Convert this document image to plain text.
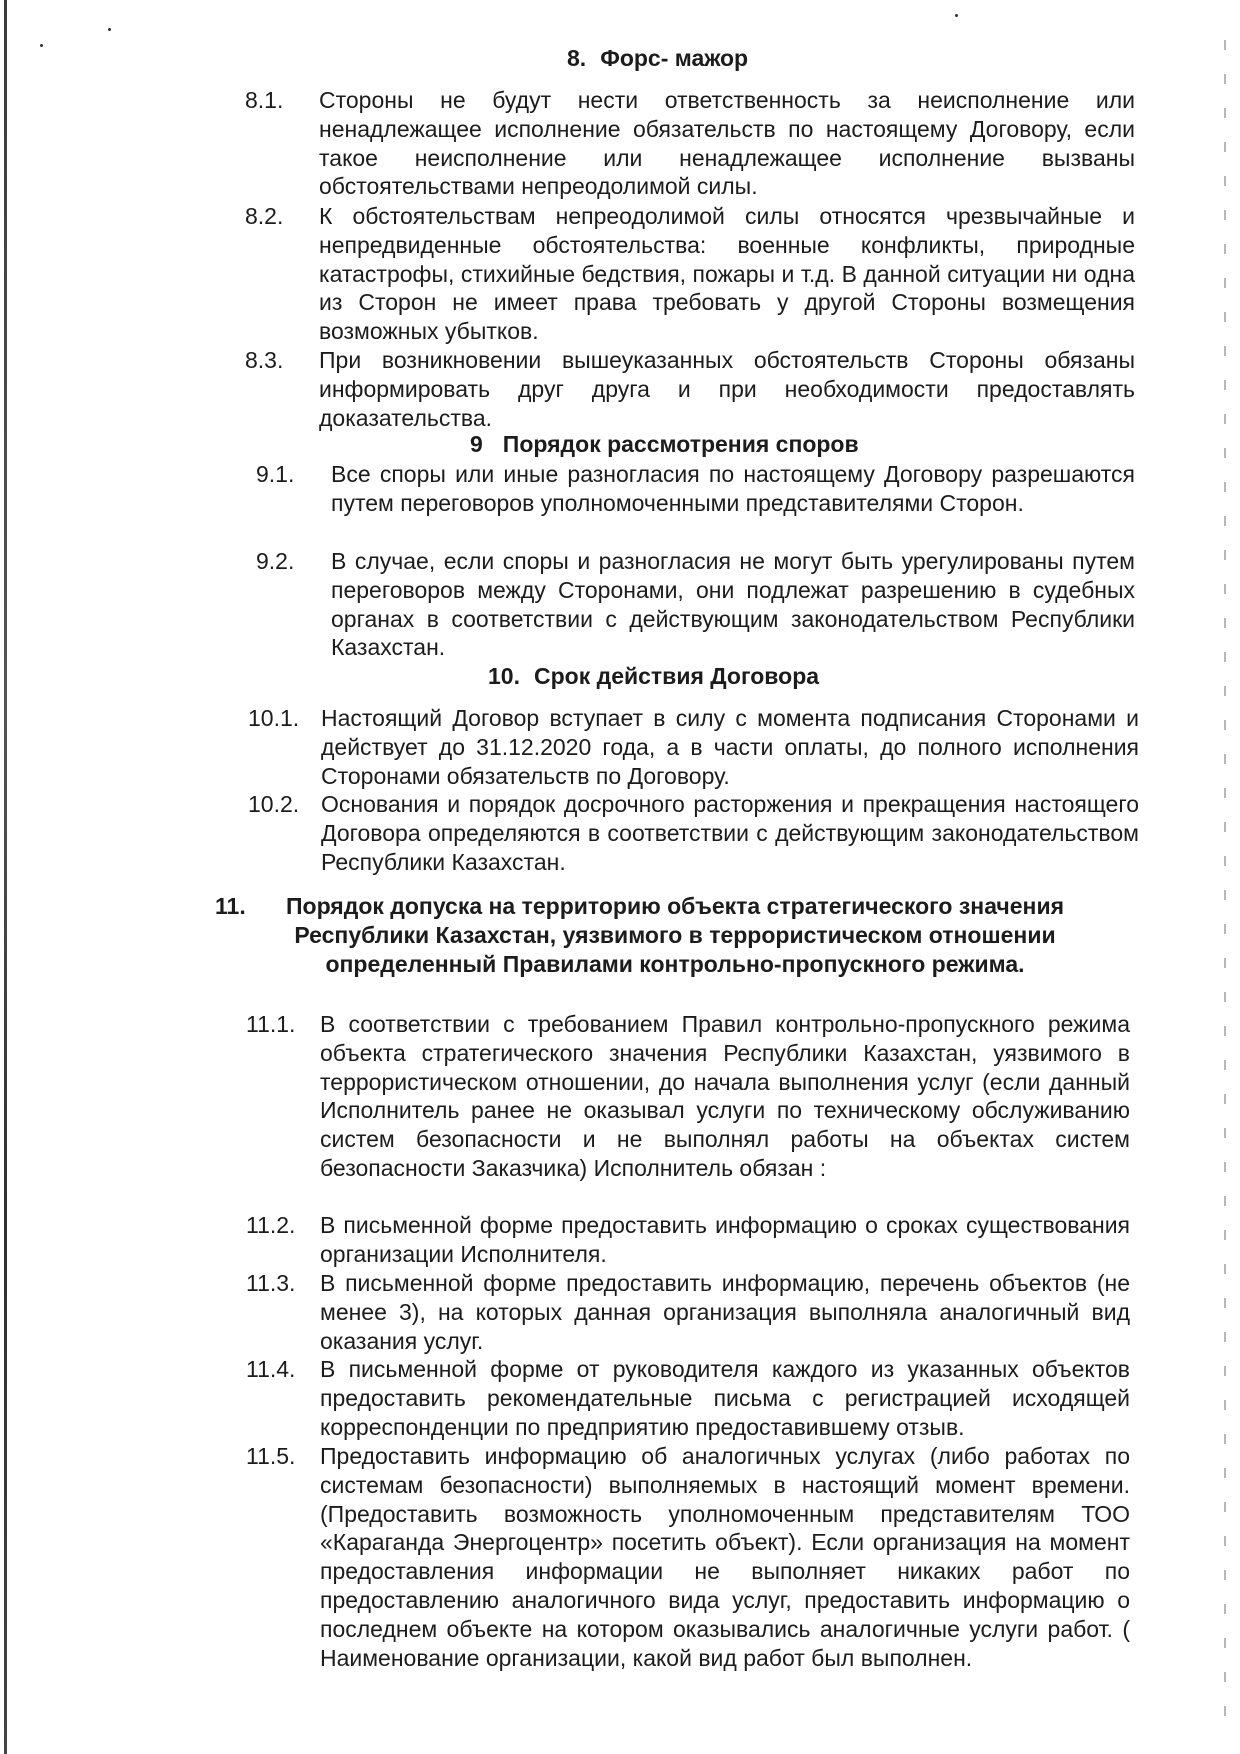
8. Форс- мажор
8.1. Стороны не будут нести ответственность за неисполнение или ненадлежащее исполнение обязательств по настоящему Договору, если такое неисполнение или ненадлежащее исполнение вызваны обстоятельствами непреодолимой силы.
8.2. К обстоятельствам непреодолимой силы относятся чрезвычайные и непредвиденные обстоятельства: военные конфликты, природные катастрофы, стихийные бедствия, пожары и т.д. В данной ситуации ни одна из Сторон не имеет права требовать у другой Стороны возмещения возможных убытков.
8.3. При возникновении вышеуказанных обстоятельств Стороны обязаны информировать друг друга и при необходимости предоставлять доказательства.
9 Порядок рассмотрения споров
9.1. Все споры или иные разногласия по настоящему Договору разрешаются путем переговоров уполномоченными представителями Сторон.
9.2. В случае, если споры и разногласия не могут быть урегулированы путем переговоров между Сторонами, они подлежат разрешению в судебных органах в соответствии с действующим законодательством Республики Казахстан.
10. Срок действия Договора
10.1. Настоящий Договор вступает в силу с момента подписания Сторонами и действует до 31.12.2020 года, а в части оплаты, до полного исполнения Сторонами обязательств по Договору.
10.2. Основания и порядок досрочного расторжения и прекращения настоящего Договора определяются в соответствии с действующим законодательством Республики Казахстан.
11.	Порядок допуска на территорию объекта стратегического значения
Республики Казахстан, уязвимого в террористическом отношении
определенный Правилами контрольно-пропускного режима.
11.1. В соответствии с требованием Правил контрольно-пропускного режима объекта стратегического значения Республики Казахстан, уязвимого в террористическом отношении, до начала выполнения услуг (если данный Исполнитель ранее не оказывал услуги по техническому обслуживанию систем безопасности и не выполнял работы на объектах систем безопасности Заказчика) Исполнитель обязан :
11.2. В письменной форме предоставить информацию о сроках существования организации Исполнителя.
11.3. В письменной форме предоставить информацию, перечень объектов (не менее 3), на которых данная организация выполняла аналогичный вид оказания услуг.
11.4. В письменной форме от руководителя каждого из указанных объектов предоставить рекомендательные письма с регистрацией исходящей корреспонденции по предприятию предоставившему отзыв.
11.5. Предоставить информацию об аналогичных услугах (либо работах по системам безопасности) выполняемых в настоящий момент времени. (Предоставить возможность уполномоченным представителям ТОО «Караганда Энергоцентр» посетить объект). Если организация на момент предоставления информации не выполняет никаких работ по предоставлению аналогичного вида услуг, предоставить информацию о последнем объекте на котором оказывались аналогичные услуги работ. ( Наименование организации, какой вид работ был выполнен.
